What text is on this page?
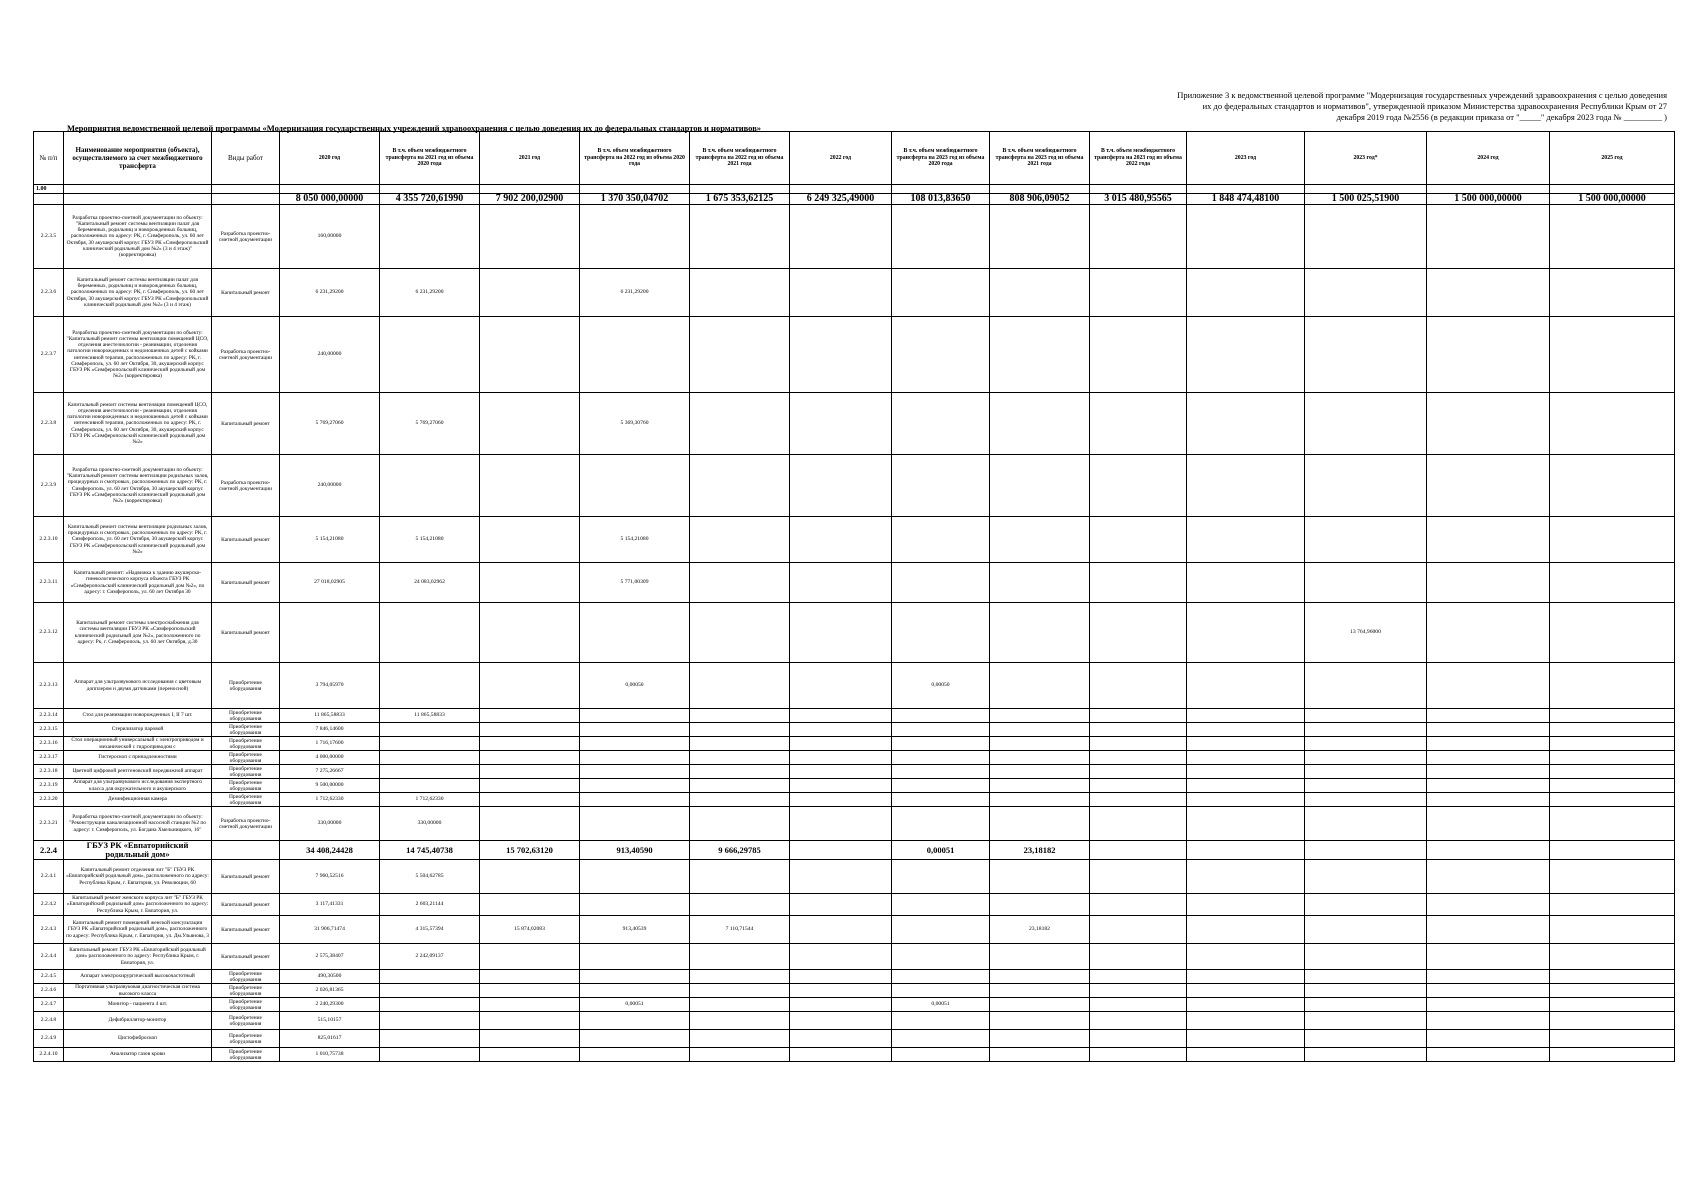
Приложение 3 к ведомственной целевой программе "Модернизация государственных учреждений здравоохранения с целью доведения
их до федеральных стандартов и нормативов", утвержденной приказом Министерства здравоохранения Республики Крым от 27
декабря 2019 года №2556 (в редакции приказа от "_____" декабря 2023 года № _________ )
Мероприятия ведомственной целевой программы «Модернизация государственных учреждений здравоохранения с целью доведения их до федеральных стандартов и нормативов»
№ п/п	Наименование мероприятия (объекта), осуществляемого за счет межбюджетного трансферта	Виды работ	2020 год	В т.ч. объем межбюджетного трансферта на 2021 год из объема 2020 года	2021 год	В т.ч. объем межбюджетного трансферта на 2022 год из объема 2020 года	В т.ч. объем межбюджетного трансферта на 2022 год из объема 2021 года	2022 год	В т.ч. объем межбюджетного трансферта на 2023 год из объема 2020 года	В т.ч. объем межбюджетного трансферта на 2023 год из объема 2021 года	В т.ч. объем межбюджетного трансферта на 2023 год из объема 2022 года	2023 год	2023 год*	2024 год	2025 год
1.00															
			8 050 000,00000	4 355 720,61990	7 902 200,02900	1 370 350,04702	1 675 353,62125	6 249 325,49000	108 013,83650	808 906,09052	3 015 480,95565	1 848 474,48100	1 500 025,51900	1 500 000,00000	1 500 000,00000
2.2.3.5	Разработка проектно-сметной документации по объекту: "Капитальный ремонт системы вентиляции палат для беременных, родильниц и новорожденных больниц, расположенных по адресу: РК, г. Симферополь, ул. 60 лет Октября, 30 акушерский корпус ГБУЗ РК «Симферопольский клинический родильный дом №2» (3 и 4 этаж)" (корректировка)	Разработка проектно-сметной документации	160,00000												
2.2.3.6	Капитальный ремонт системы вентиляции палат для беременных, родильниц и новорожденных больниц, расположенных по адресу: РК, г. Симферополь, ул. 60 лет Октября, 30 акушерский корпус ГБУЗ РК «Симферопольский клинический родильный дом №2» (3 и 4 этаж)	Капитальный ремонт	6 231,29200	6 231,29200		6 231,29200									
2.2.3.7	Разработка проектно-сметной документации по объекту: "Капитальный ремонт системы вентиляции помещений ЦСО, отделения анестезиологии - реанимации, отделения патологии новорожденных и недоношенных детей с койками интенсивной терапии, расположенных по адресу: РК, г. Симферополь, ул. 60 лет Октября, 30, акушерский корпус ГБУЗ РК «Симферопольский клинический родильный дом №2» (корректировка)	Разработка проектно-сметной документации	240,00000												
2.2.3.8	Капитальный ремонт системы вентиляции помещений ЦСО, отделения анестезиологии - реанимации, отделения патологии новорожденных и недоношенных детей с койками интенсивной терапии, расположенных по адресу: РК, г. Симферополь, ул. 60 лет Октября, 30, акушерский корпус ГБУЗ РК «Симферопольский клинический родильный дом №2»	Капитальный ремонт	5 769,27060	5 769,27060		5 369,30760									
2.2.3.9	Разработка проектно-сметной документации по объекту: "Капитальный ремонт системы вентиляции родильных залов, процедурных и смотровых, расположенных по адресу: РК, г. Симферополь, ул. 60 лет Октября, 30 акушерский корпус ГБУЗ РК «Симферопольский клинический родильный дом №2» (корректировка)	Разработка проектно-сметной документации	240,00000												
2.2.3.10	Капитальный ремонт системы вентиляции родильных залов, процедурных и смотровых, расположенных по адресу: РК, г. Симферополь, ул. 60 лет Октября, 30 акушерский корпус ГБУЗ РК «Симферопольский клинический родильный дом №2»	Капитальный ремонт	5 154,21080	5 154,21080		5 154,21080									
2.2.3.11	Капитальный ремонт: «Надвижка к зданию акушерско-гинекологического корпуса объекта ГБУЗ РК «Симферопольский клинический родильный дом №2», по адресу: г. Симферополь, ул. 60 лет Октября 30	Капитальный ремонт	27 018,02905	24 083,02962		5 771,00309									
2.2.3.12	Капитальный ремонт системы электроснабжения для системы вентиляции ГБУЗ РК «Симферопольский клинический родильный дом №2», расположенного по адресу: Рк, г. Симферополь, ул. 60 лет Октября, д.30	Капитальный ремонт											13 764,96000		
2.2.3.13	Аппарат для ультразвукового исследования с цветовым допплером и двумя датчиками (переносной)	Приобретение оборудования	3 794,05970			0,00050			0,00050						
2.2.3.14	Стол для реанимации новорожденных I, II 7 шт.	Приобретение оборудования	11 865,58833	11 865,58833											
2.2.3.15	Стерилизатор паровой	Приобретение оборудования	7 846,14600												
2.2.3.16	Стол операционный универсальный с электроприводом и механической с гидроприводом с	Приобретение оборудования	1 716,17600												
2.2.3.17	Гистероскоп с принадлежностями	Приобретение оборудования	4 000,00000												
2.2.3.18	Цветной цифровой рентгеновский передвижной аппарат	Приобретение оборудования	7 275,26667												
2.2.3.19	Аппарат для ультразвукового исследования экспертного класса для окружательного и акушерского	Приобретение оборудования	9 500,00000												
2.2.3.20	Дезинфекционная камера	Приобретение оборудования	1 712,62330	1 712,62330											
2.2.3.21	Разработка проектно-сметной документации по объекту: "Реконструкция канализационной насосной станции №2 по адресу: г. Симферополь, ул. Богдана Хмельницкого, 16"	Разработка проектно-сметной документации	330,00000	330,00000											
2.2.4	ГБУЗ РК «Евпаторийский родильный дом»		34 408,24428	14 745,40738	15 702,63120	913,40590	9 666,29785		0,00051	23,18182					
2.2.4.1	Капитальный ремонт отделения лит "Б" ГБУЗ РК «Евпаторийский родильный дом», расположенного по адресу: Республика Крым, г. Евпатория, ул. Революции, 60	Капитальный ремонт	7 960,52516	5 504,62785											
2.2.4.2	Капитальный ремонт женского корпуса лит "Б" ГБУЗ РК «Евпаторийский родильный дом» расположенного по адресу: Республика Крым, г. Евпатория, ул.	Капитальный ремонт	3 117,41331	2 603,21144											
2.2.4.3	Капитальный ремонт помещений женской консультации ГБУЗ РК «Евпаторийский родильный дом», расположенного по адресу: Республика Крым, г. Евпатория, ул. Дм.Ульянова, 3	Капитальный ремонт	31 906,71474	4 315,57394	15 874,02083	913,40539	7 110,71544			23,18182					
2.2.4.4	Капитальный ремонт ГБУЗ РК «Евпаторийский родильный дом» расположенного по адресу: Республика Крым, г. Евпатория, ул.	Капитальный ремонт	2 575,38407	2 242,09137											
2.2.4.5	Аппарат электрохирургический высокочастотный	Приобретение оборудования	490,30500												
2.2.4.6	Портативная ультразвуковая диагностическая система высокого класса	Приобретение оборудования	2 026,81365												
2.2.4.7	Монитор - пациента 4 шт.	Приобретение оборудования	2 240,29300			0,00051			0,00051						
2.2.4.8	Дефибриллятор-монитор	Приобретение оборудования	515,10157												
2.2.4.9	Цистофиброскоп	Приобретение оборудования	825,01617												
2.2.4.10	Анализатор газов крови	Приобретение оборудования	1 010,75738												
